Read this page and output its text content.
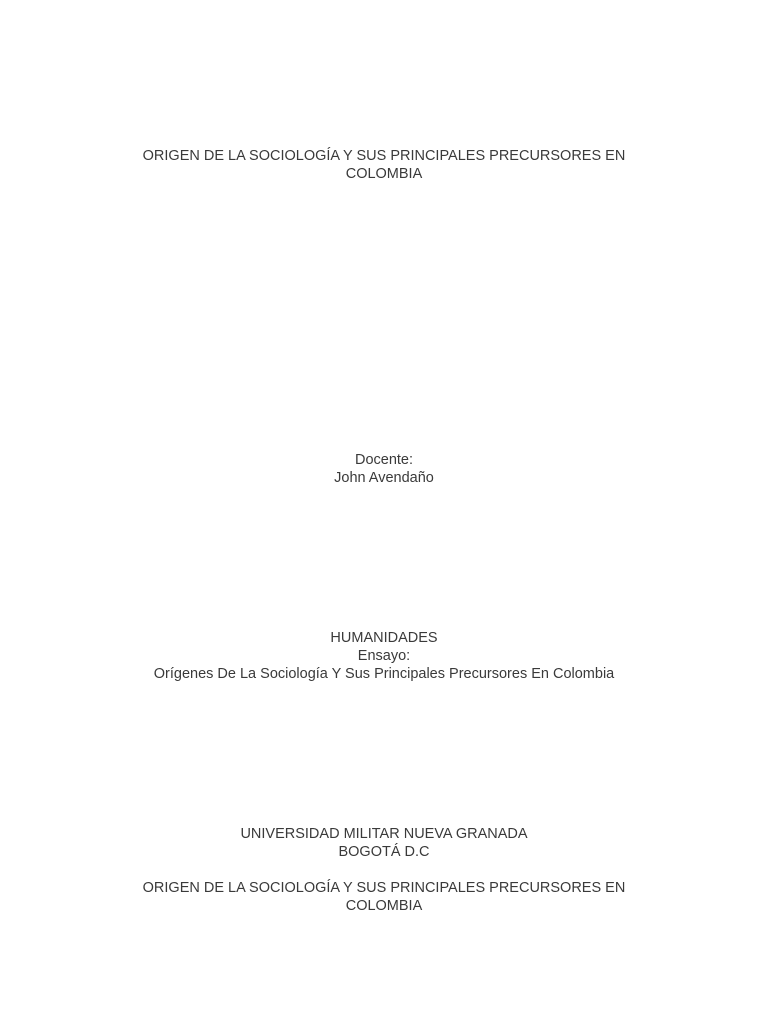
ORIGEN DE LA SOCIOLOGÍA Y SUS PRINCIPALES PRECURSORES EN
COLOMBIA
Docente:
John Avendaño
HUMANIDADES
Ensayo:
Orígenes De La Sociología Y Sus Principales Precursores En Colombia
UNIVERSIDAD MILITAR NUEVA GRANADA
BOGOTÁ D.C
ORIGEN DE LA SOCIOLOGÍA Y SUS PRINCIPALES PRECURSORES EN
COLOMBIA
